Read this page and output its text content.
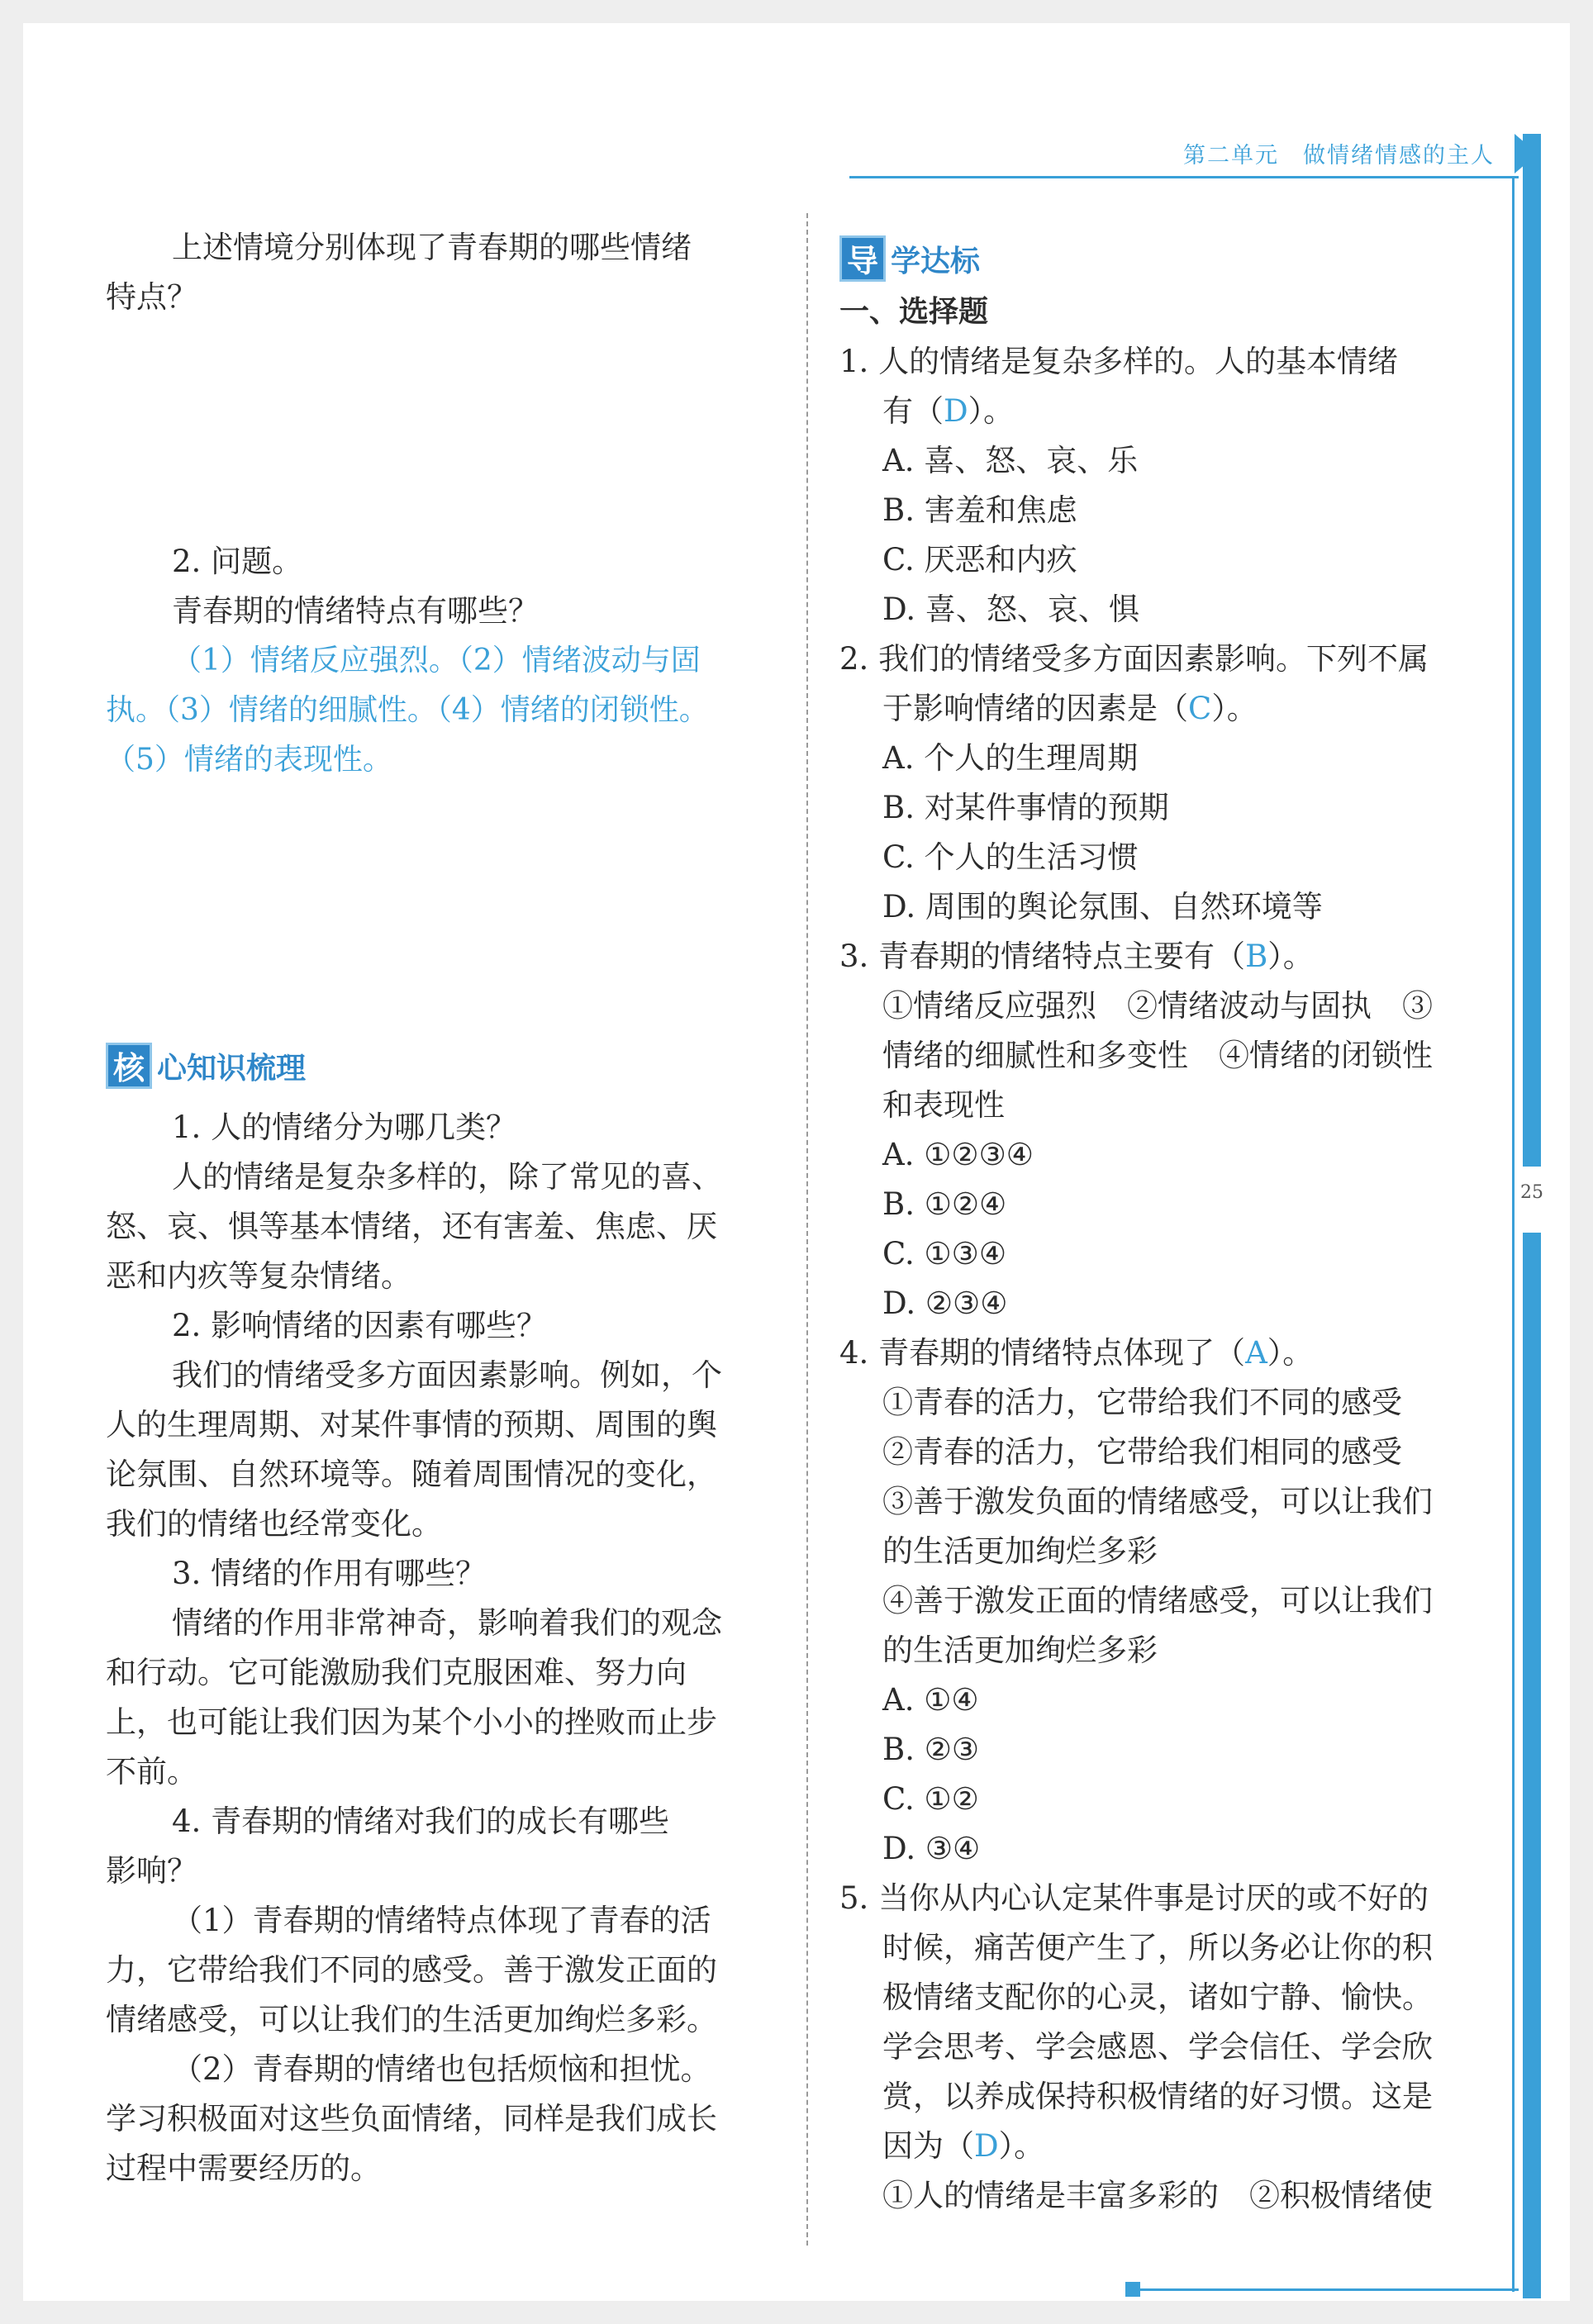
第二单元　做情绪情感的主人
25

上述情境分别体现了青春期的哪些情绪

特点？

2. 问题。

青春期的情绪特点有哪些？

（1）情绪反应强烈。（2）情绪波动与固

执。（3）情绪的细腻性。（4）情绪的闭锁性。

（5）情绪的表现性。

核 心知识梳理

1. 人的情绪分为哪几类？

人的情绪是复杂多样的，除了常见的喜、

怒、哀、惧等基本情绪，还有害羞、焦虑、厌

恶和内疚等复杂情绪。

2. 影响情绪的因素有哪些？

我们的情绪受多方面因素影响。例如，个

人的生理周期、对某件事情的预期、周围的舆

论氛围、自然环境等。随着周围情况的变化，

我们的情绪也经常变化。

3. 情绪的作用有哪些？

情绪的作用非常神奇，影响着我们的观念

和行动。它可能激励我们克服困难、努力向

上，也可能让我们因为某个小小的挫败而止步

不前。

4. 青春期的情绪对我们的成长有哪些

影响？

（1）青春期的情绪特点体现了青春的活

力，它带给我们不同的感受。善于激发正面的

情绪感受，可以让我们的生活更加绚烂多彩。

（2）青春期的情绪也包括烦恼和担忧。

学习积极面对这些负面情绪，同样是我们成长

过程中需要经历的。

导 学达标

一、选择题

1. 人的情绪是复杂多样的。人的基本情绪

有（D）。

A. 喜、怒、哀、乐

B. 害羞和焦虑

C. 厌恶和内疚

D. 喜、怒、哀、惧

2. 我们的情绪受多方面因素影响。下列不属

于影响情绪的因素是（C）。

A. 个人的生理周期

B. 对某件事情的预期

C. 个人的生活习惯

D. 周围的舆论氛围、自然环境等

3. 青春期的情绪特点主要有（B）。

①情绪反应强烈　②情绪波动与固执　③

情绪的细腻性和多变性　④情绪的闭锁性

和表现性

A. ①②③④

B. ①②④

C. ①③④

D. ②③④

4. 青春期的情绪特点体现了（A）。

①青春的活力，它带给我们不同的感受

②青春的活力，它带给我们相同的感受

③善于激发负面的情绪感受，可以让我们

的生活更加绚烂多彩

④善于激发正面的情绪感受，可以让我们

的生活更加绚烂多彩

A. ①④

B. ②③

C. ①②

D. ③④

5. 当你从内心认定某件事是讨厌的或不好的

时候，痛苦便产生了，所以务必让你的积

极情绪支配你的心灵，诸如宁静、愉快。

学会思考、学会感恩、学会信任、学会欣

赏，以养成保持积极情绪的好习惯。这是

因为（D）。

①人的情绪是丰富多彩的　②积极情绪使
